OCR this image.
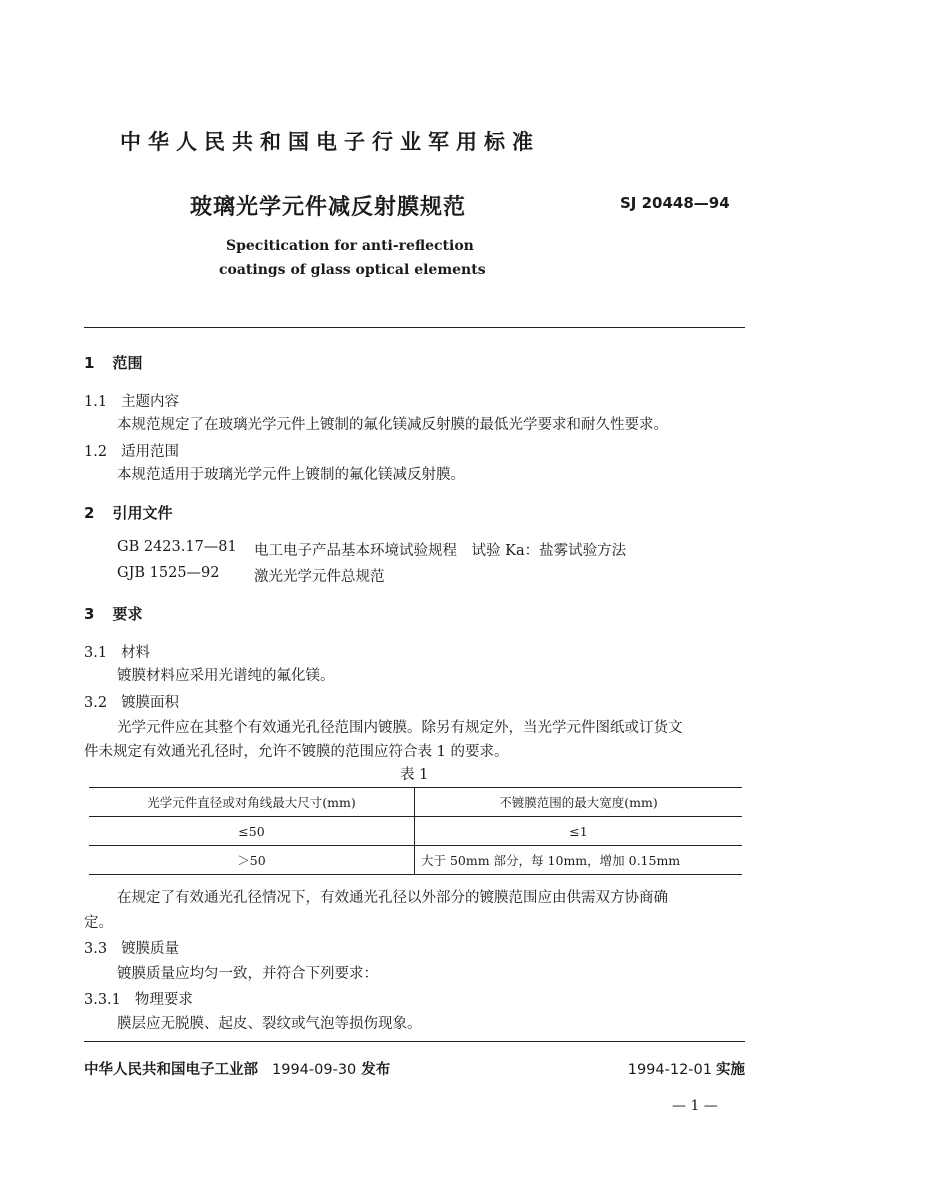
中华人民共和国电子行业军用标准
玻璃光学元件减反射膜规范	SJ 20448—94
Specitication for anti-reflection
coatings of glass optical elements
1 范围
1.1 主题内容
本规范规定了在玻璃光学元件上镀制的氟化镁减反射膜的最低光学要求和耐久性要求。
1.2 适用范围
本规范适用于玻璃光学元件上镀制的氟化镁减反射膜。
2 引用文件
GB 2423.17—81 电工电子产品基本环境试验规程　试验 Ka：盐雾试验方法
GJB 1525—92 激光光学元件总规范
3 要求
3.1 材料
镀膜材料应采用光谱纯的氟化镁。
3.2 镀膜面积
光学元件应在其整个有效通光孔径范围内镀膜。除另有规定外，当光学元件图纸或订货文
件未规定有效通光孔径时，允许不镀膜的范围应符合表 1 的要求。
表 1
光学元件直径或对角线最大尺寸(mm)	不镀膜范围的最大宽度(mm)
≤50	≤1
＞50	大于 50mm 部分，每 10mm，增加 0.15mm
在规定了有效通光孔径情况下，有效通光孔径以外部分的镀膜范围应由供需双方协商确
定。
3.3 镀膜质量
镀膜质量应均匀一致，并符合下列要求：
3.3.1 物理要求
膜层应无脱膜、起皮、裂纹或气泡等损伤现象。
中华人民共和国电子工业部 1994-09-30 发布	1994-12-01 实施
— 1 —
